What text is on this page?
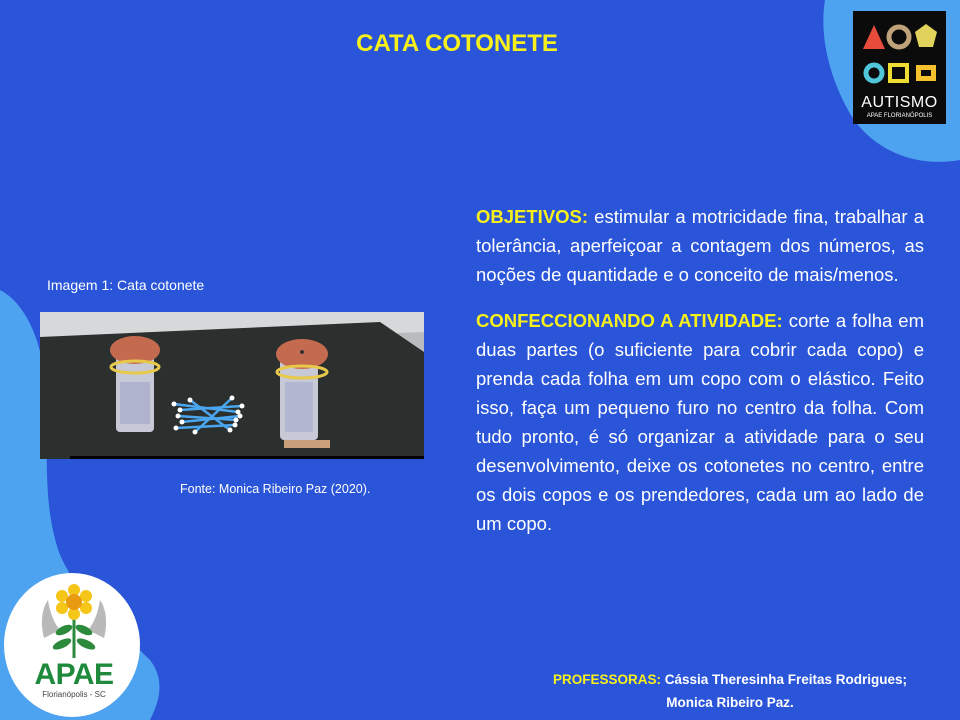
CATA COTONETE
AUTISMO
APAE FLORIANÓPOLIS
Imagem 1: Cata cotonete
Fonte: Monica Ribeiro Paz (2020).

OBJETIVOS: estimular a motricidade fina, trabalhar a tolerância, aperfeiçoar a contagem dos números, as noções de quantidade e o conceito de mais/menos.

CONFECCIONANDO A ATIVIDADE: corte a folha em duas partes (o suficiente para cobrir cada copo) e prenda cada folha em um copo com o elástico. Feito isso, faça um pequeno furo no centro da folha. Com tudo pronto, é só organizar a atividade para o seu desenvolvimento, deixe os cotonetes no centro, entre os dois copos e os prendedores, cada um ao lado de um copo.

PROFESSORAS: Cássia Theresinha Freitas Rodrigues;
Monica Ribeiro Paz.
APAE
Florianópolis - SC
